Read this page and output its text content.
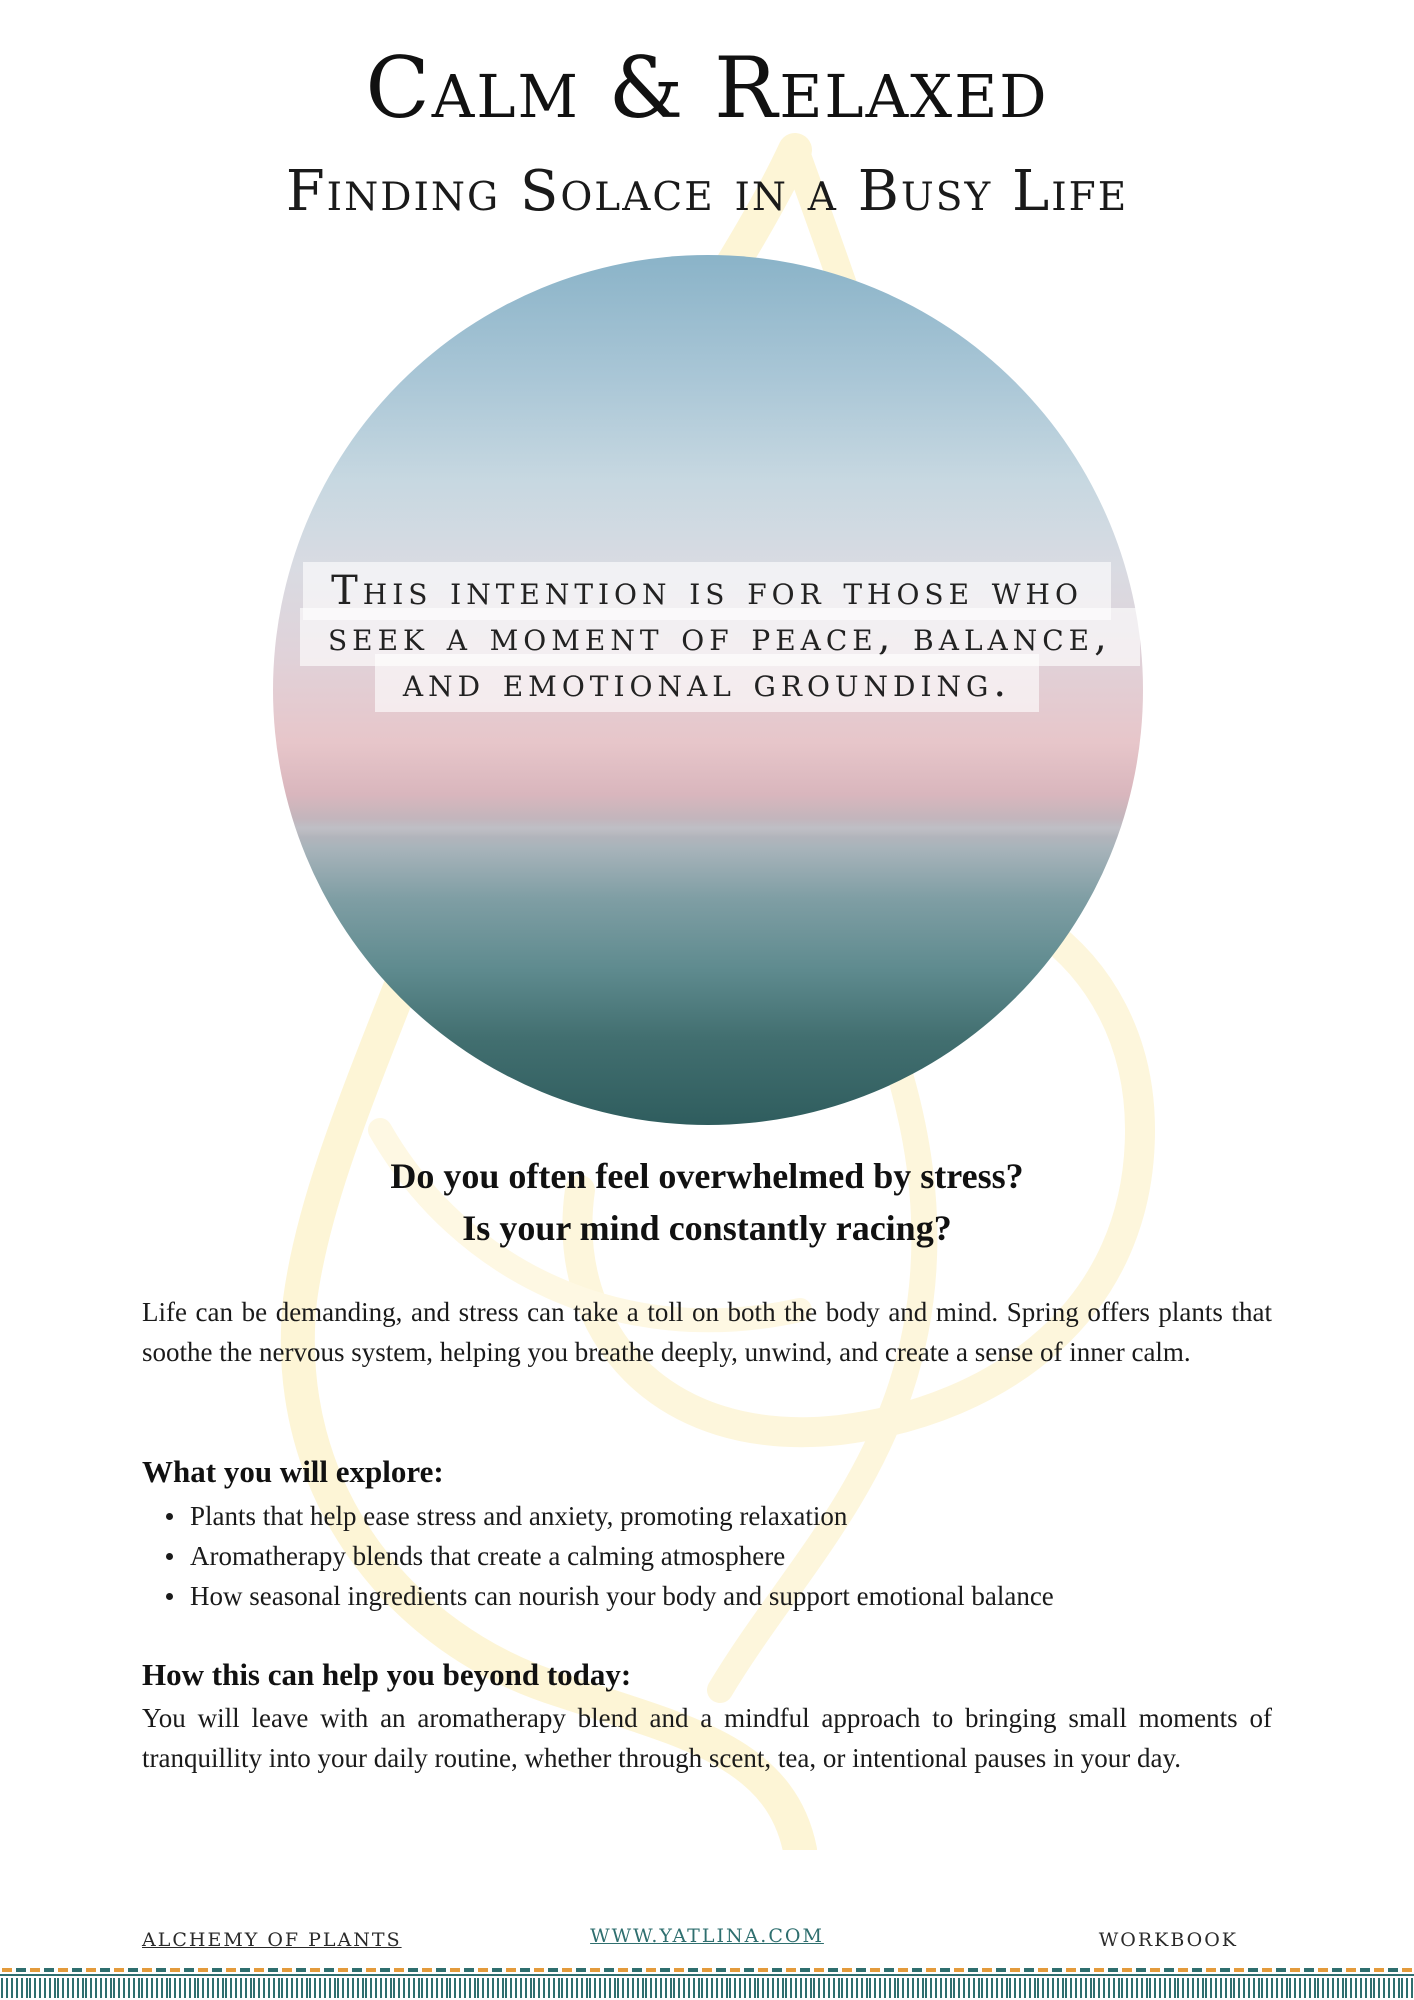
Calm & Relaxed
Finding Solace in a Busy Life

This intention is for those who seek a moment of peace, balance, and emotional grounding.

Do you often feel overwhelmed by stress?
Is your mind constantly racing?

Life can be demanding, and stress can take a toll on both the body and mind. Spring offers plants that soothe the nervous system, helping you breathe deeply, unwind, and create a sense of inner calm.

What you will explore:
Plants that help ease stress and anxiety, promoting relaxation
Aromatherapy blends that create a calming atmosphere
How seasonal ingredients can nourish your body and support emotional balance
How this can help you beyond today:

You will leave with an aromatherapy blend and a mindful approach to bringing small moments of tranquillity into your daily routine, whether through scent, tea, or intentional pauses in your day.

ALCHEMY OF PLANTS	WWW.YATLINA.COM	WORKBOOK
